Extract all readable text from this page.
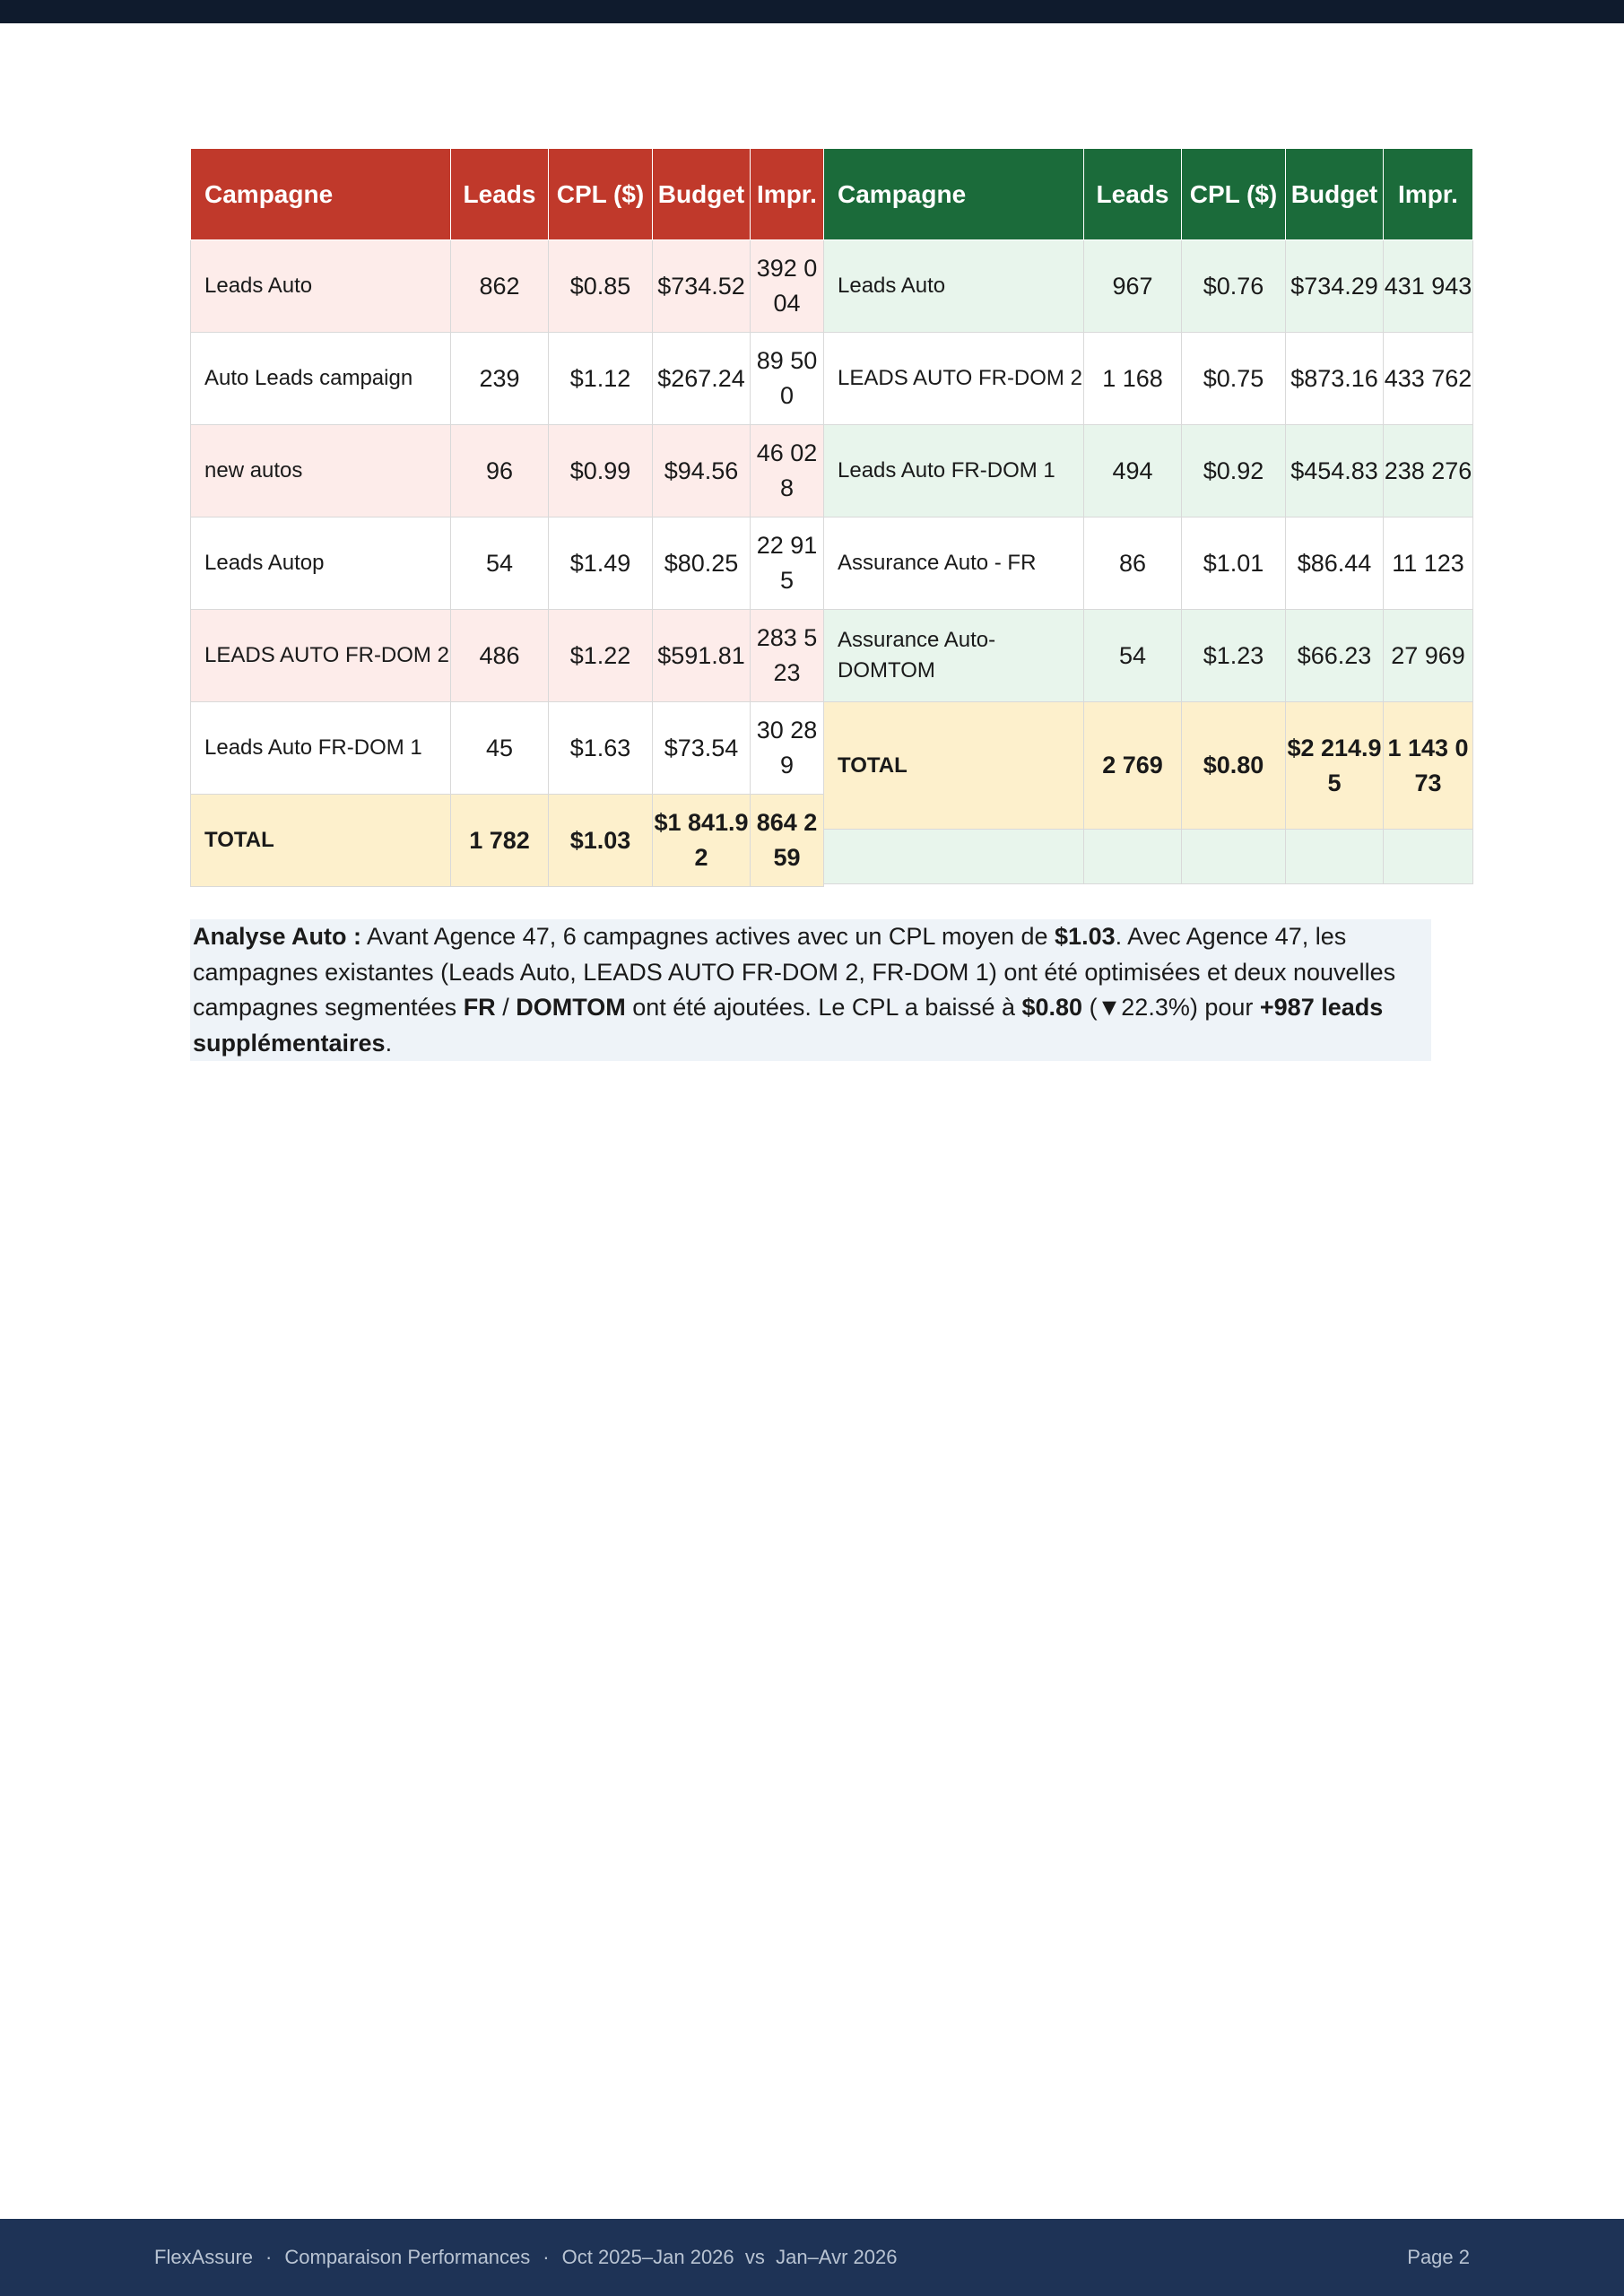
Campagne	Leads	CPL ($)	Budget	Impr.
Leads Auto	862	$0.85	$734.52	392 004
Auto Leads campaign	239	$1.12	$267.24	89 500
new autos	96	$0.99	$94.56	46 028
Leads Autop	54	$1.49	$80.25	22 915
LEADS AUTO FR-DOM 2	486	$1.22	$591.81	283 523
Leads Auto FR-DOM 1	45	$1.63	$73.54	30 289
TOTAL	1 782	$1.03	$1 841.92	864 259
Campagne	Leads	CPL ($)	Budget	Impr.
Leads Auto	967	$0.76	$734.29	431 943
LEADS AUTO FR-DOM 2	1 168	$0.75	$873.16	433 762
Leads Auto FR-DOM 1	494	$0.92	$454.83	238 276
Assurance Auto - FR	86	$1.01	$86.44	11 123
Assurance Auto-DOMTOM	54	$1.23	$66.23	27 969
TOTAL	2 769	$0.80	$2 214.95	1 143 073

Analyse Auto : Avant Agence 47, 6 campagnes actives avec un CPL moyen de $1.03. Avec Agence 47, les campagnes existantes (Leads Auto, LEADS AUTO FR-DOM 2, FR-DOM 1) ont été optimisées et deux nouvelles campagnes segmentées FR / DOMTOM ont été ajoutées. Le CPL a baissé à $0.80 (▼22.3%) pour +987 leads supplémentaires.
FlexAssure · Comparaison Performances · Oct 2025–Jan 2026  vs  Jan–Avr 2026	Page 2
